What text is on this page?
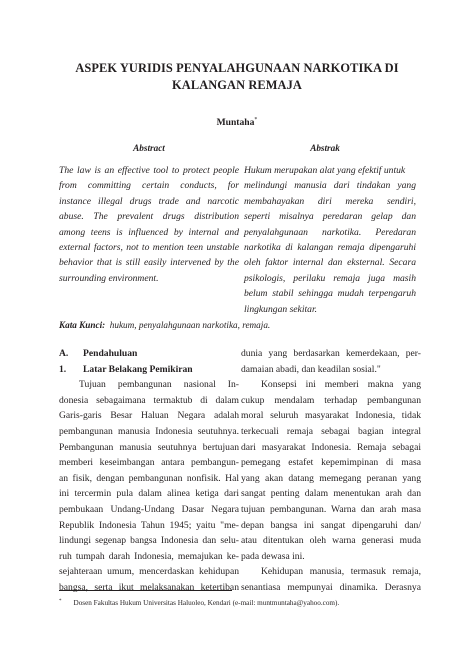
ASPEK YURIDIS PENYALAHGUNAAN NARKOTIKA DI
KALANGAN REMAJA
Muntaha*
Abstract	Abstrak
The law is an effective tool to protect people
from committing certain conducts, for
instance illegal drugs trade and narcotic
abuse. The prevalent drugs distribution
among teens is influenced by internal and
external factors, not to mention teen unstable
behavior that is still easily intervened by the
surrounding environment.
Hukum merupakan alat yang efektif untuk
melindungi manusia dari tindakan yang
membahayakan diri mereka sendiri,
seperti misalnya peredaran gelap dan
penyalahgunaan narkotika. Peredaran
narkotika di kalangan remaja dipengaruhi
oleh faktor internal dan eksternal. Secara
psikologis, perilaku remaja juga masih
belum stabil sehingga mudah terpengaruh
lingkungan sekitar.
Kata Kunci: hukum, penyalahgunaan narkotika, remaja.
A. Pendahuluan
1. Latar Belakang Pemikiran
Tujuan pembangunan nasional In-
donesia sebagaimana termaktub di dalam
Garis-garis Besar Haluan Negara adalah
pembangunan manusia Indonesia seutuhnya.
Pembangunan manusia seutuhnya bertujuan
memberi keseimbangan antara pembangun-
an fisik, dengan pembangunan nonfisik. Hal
ini tercermin pula dalam alinea ketiga dari
pembukaan Undang-Undang Dasar Negara
Republik Indonesia Tahun 1945; yaitu "me-
lindungi segenap bangsa Indonesia dan selu-
ruh tumpah darah Indonesia, memajukan ke-
sejahteraan umum, mencerdaskan kehidupan
bangsa, serta ikut melaksanakan ketertiban
dunia yang berdasarkan kemerdekaan, per-
damaian abadi, dan keadilan sosial."
Konsepsi ini memberi makna yang
cukup mendalam terhadap pembangunan
moral seluruh masyarakat Indonesia, tidak
terkecuali remaja sebagai bagian integral
dari masyarakat Indonesia. Remaja sebagai
pemegang estafet kepemimpinan di masa
yang akan datang memegang peranan yang
sangat penting dalam menentukan arah dan
tujuan pembangunan. Warna dan arah masa
depan bangsa ini sangat dipengaruhi dan/
atau ditentukan oleh warna generasi muda
pada dewasa ini.
Kehidupan manusia, termasuk remaja,
senantiasa mempunyai dinamika. Derasnya
* Dosen Fakultas Hukum Universitas Haluoleo, Kendari (e-mail: muntmuntaha@yahoo.com).
